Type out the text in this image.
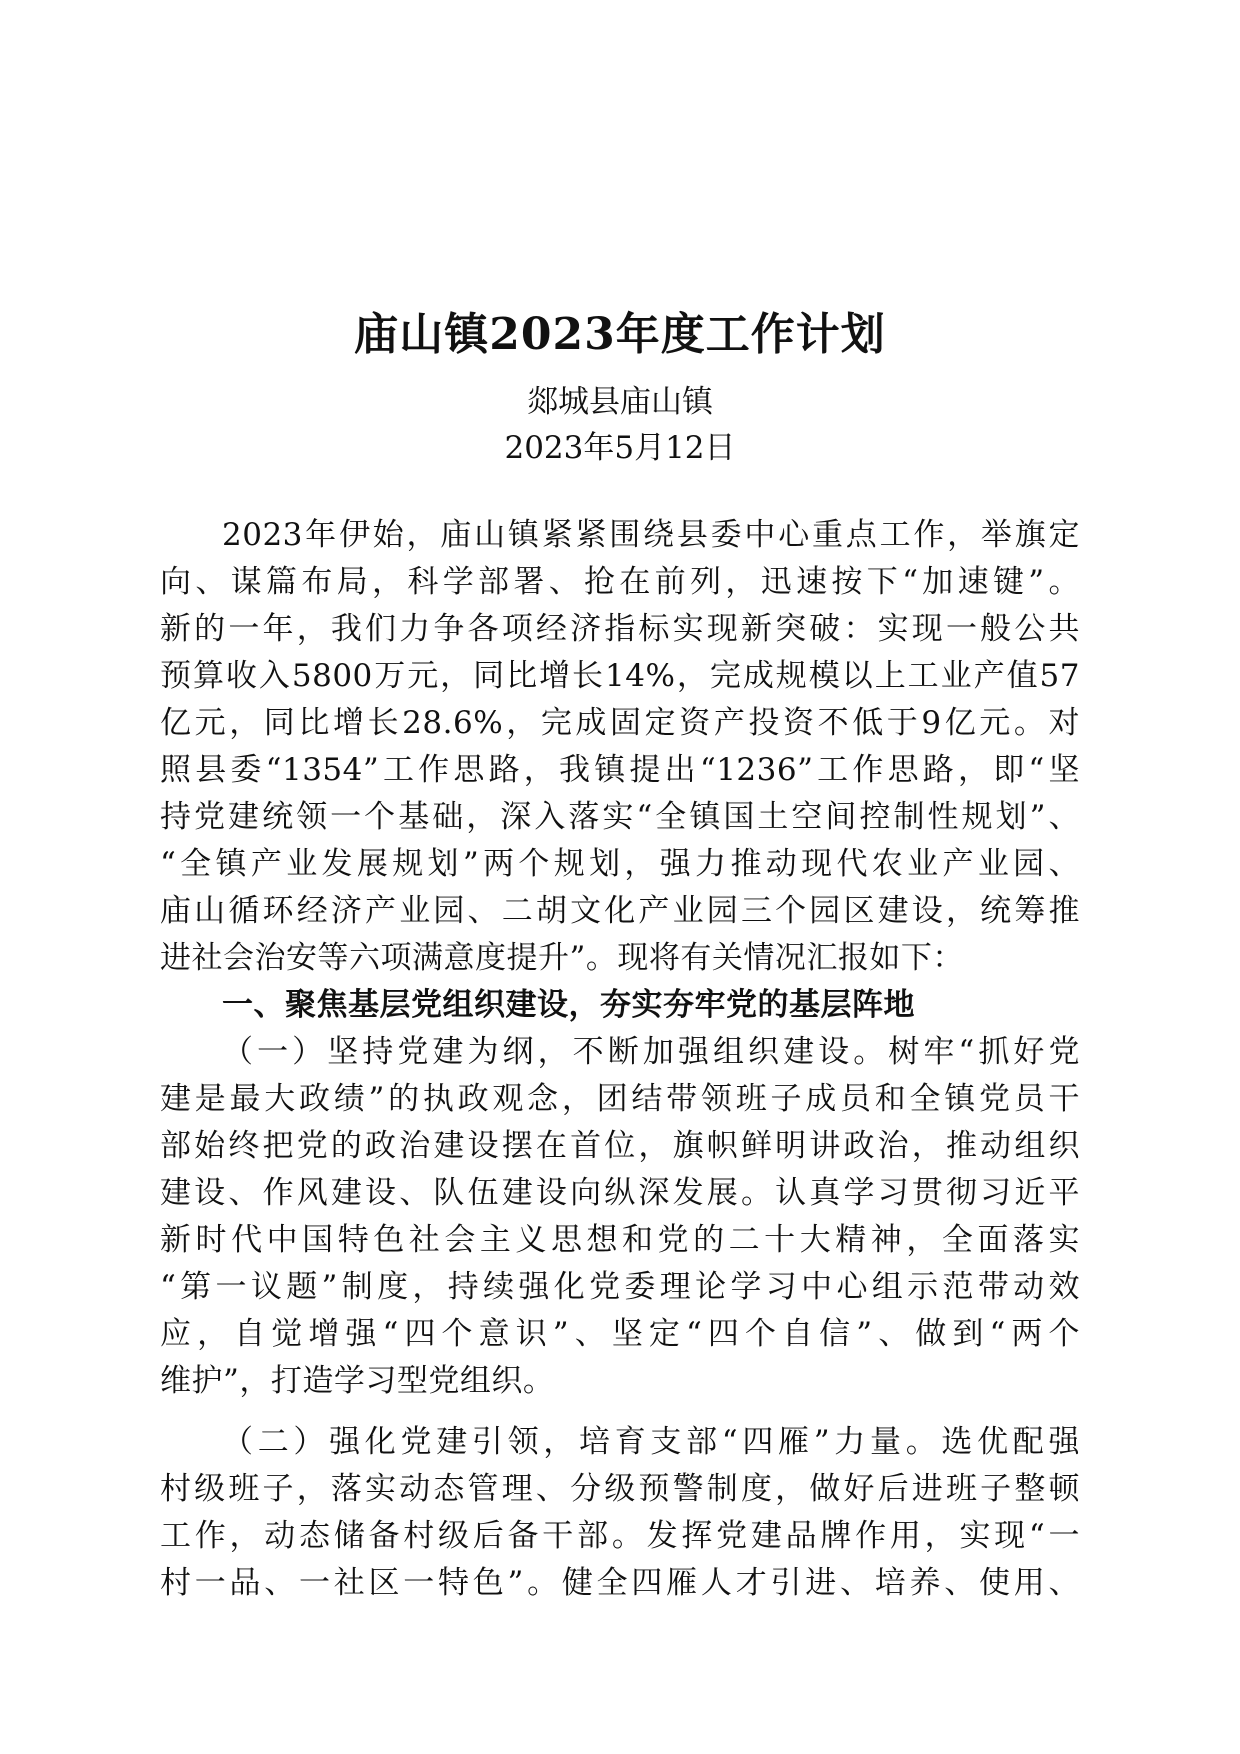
庙山镇2023年度工作计划
郯城县庙山镇
2023年5月12日
2023年伊始，庙山镇紧紧围绕县委中心重点工作，举旗定
向、谋篇布局，科学部署、抢在前列，迅速按下“加速键”。
新的一年，我们力争各项经济指标实现新突破：实现一般公共
预算收入5800万元，同比增长14%，完成规模以上工业产值57
亿元，同比增长28.6%，完成固定资产投资不低于9亿元。对
照县委“1354”工作思路，我镇提出“1236”工作思路，即“坚
持党建统领一个基础，深入落实“全镇国土空间控制性规划”、
“全镇产业发展规划”两个规划，强力推动现代农业产业园、
庙山循环经济产业园、二胡文化产业园三个园区建设，统筹推
进社会治安等六项满意度提升”。现将有关情况汇报如下：
一、聚焦基层党组织建设，夯实夯牢党的基层阵地
（一）坚持党建为纲，不断加强组织建设。树牢“抓好党
建是最大政绩”的执政观念，团结带领班子成员和全镇党员干
部始终把党的政治建设摆在首位，旗帜鲜明讲政治，推动组织
建设、作风建设、队伍建设向纵深发展。认真学习贯彻习近平
新时代中国特色社会主义思想和党的二十大精神，全面落实
“第一议题”制度，持续强化党委理论学习中心组示范带动效
应，自觉增强“四个意识”、坚定“四个自信”、做到“两个
维护”，打造学习型党组织。
（二）强化党建引领，培育支部“四雁”力量。选优配强
村级班子，落实动态管理、分级预警制度，做好后进班子整顿
工作，动态储备村级后备干部。发挥党建品牌作用，实现“一
村一品、一社区一特色”。健全四雁人才引进、培养、使用、
